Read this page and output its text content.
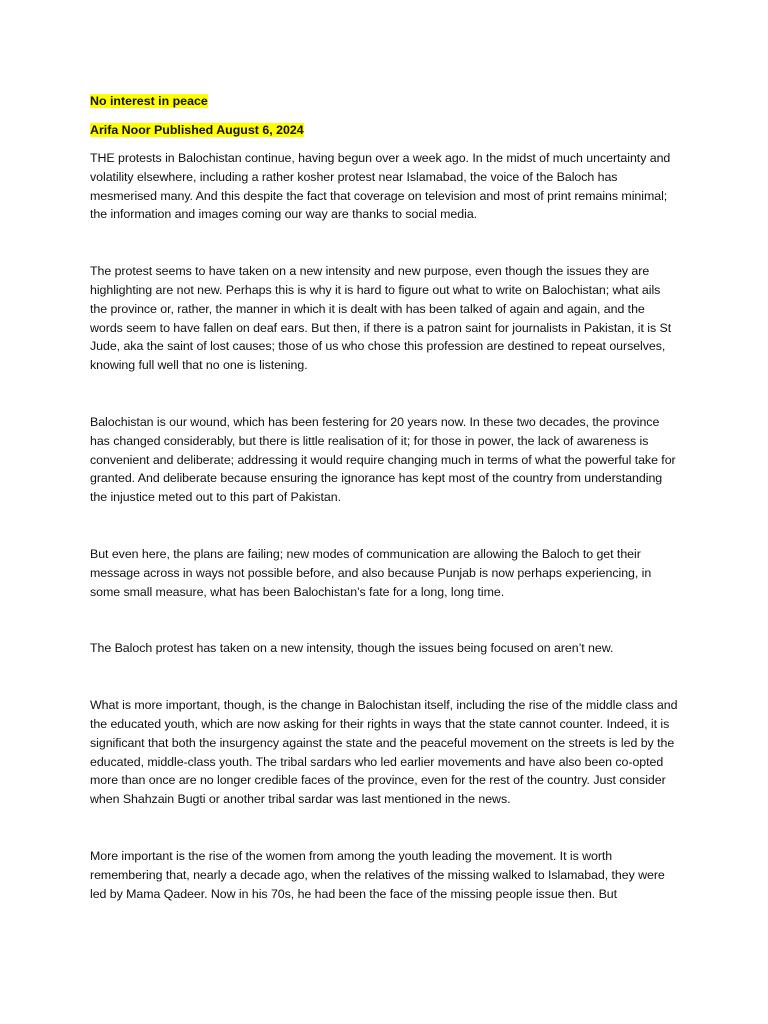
No interest in peace

Arifa Noor Published August 6, 2024

THE protests in Balochistan continue, having begun over a week ago. In the midst of much uncertainty and volatility elsewhere, including a rather kosher protest near Islamabad, the voice of the Baloch has mesmerised many. And this despite the fact that coverage on television and most of print remains minimal; the information and images coming our way are thanks to social media.

The protest seems to have taken on a new intensity and new purpose, even though the issues they are highlighting are not new. Perhaps this is why it is hard to figure out what to write on Balochistan; what ails the province or, rather, the manner in which it is dealt with has been talked of again and again, and the words seem to have fallen on deaf ears. But then, if there is a patron saint for journalists in Pakistan, it is St Jude, aka the saint of lost causes; those of us who chose this profession are destined to repeat ourselves, knowing full well that no one is listening.

Balochistan is our wound, which has been festering for 20 years now. In these two decades, the province has changed considerably, but there is little realisation of it; for those in power, the lack of awareness is convenient and deliberate; addressing it would require changing much in terms of what the powerful take for granted. And deliberate because ensuring the ignorance has kept most of the country from understanding the injustice meted out to this part of Pakistan.

But even here, the plans are failing; new modes of communication are allowing the Baloch to get their message across in ways not possible before, and also because Punjab is now perhaps experiencing, in some small measure, what has been Balochistan’s fate for a long, long time.

The Baloch protest has taken on a new intensity, though the issues being focused on aren’t new.

What is more important, though, is the change in Balochistan itself, including the rise of the middle class and the educated youth, which are now asking for their rights in ways that the state cannot counter. Indeed, it is significant that both the insurgency against the state and the peaceful movement on the streets is led by the educated, middle-class youth. The tribal sardars who led earlier movements and have also been co-opted more than once are no longer credible faces of the province, even for the rest of the country. Just consider when Shahzain Bugti or another tribal sardar was last mentioned in the news.

More important is the rise of the women from among the youth leading the movement. It is worth remembering that, nearly a decade ago, when the relatives of the missing walked to Islamabad, they were led by Mama Qadeer. Now in his 70s, he had been the face of the missing people issue then. But
